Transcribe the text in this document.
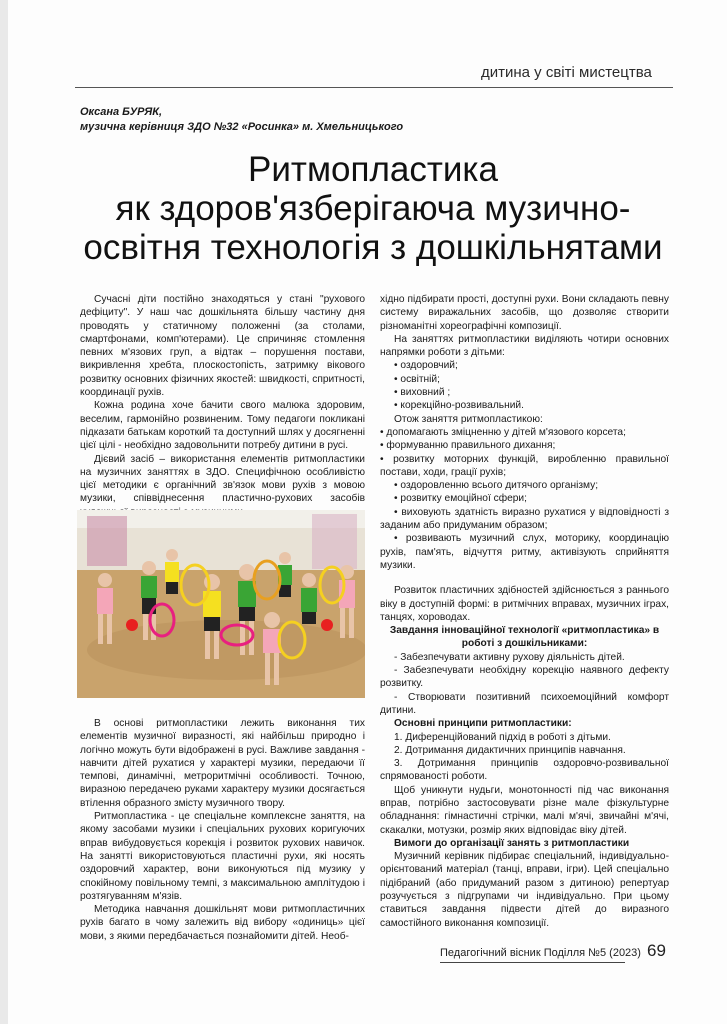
дитина у світі мистецтва
Оксана БУРЯК,
музична керівниця ЗДО №32 «Росинка» м. Хмельницького
Ритмопластика
як здоров'язберігаюча музично-
освітня технологія з дошкільнятами

Сучасні діти постійно знаходяться у стані "рухового дефіциту". У наш час дошкільнята більшу частину дня проводять у статичному положенні (за столами, смартфонами, комп'ютерами). Це спричиняє стомлення певних м'язових груп, а відтак – порушення постави, викривлення хребта, плоскостопість, затримку вікового розвитку основних фізичних якостей: швидкості, спритності, координації рухів.

Кожна родина хоче бачити свого малюка здоровим, веселим, гармонійно розвиненим. Тому педагоги покликані підказати батькам короткий та доступний шлях у досягненні цієї цілі - необхідно задовольнити потребу дитини в русі.

Дієвий засіб – використання елементів ритмопластики на музичних заняттях в ЗДО. Специфічною особливістю цієї методики є органічний зв'язок мови рухів з мовою музики, співвіднесення пластично-рухових засобів

В основі ритмопластики лежить виконання тих елементів музичної виразності, які найбільш природно і логічно можуть бути відображені в русі. Важливе завдання - навчити дітей рухатися у характері музики, передаючи її темпові, динамічні, метроритмічні особливості. Точною, виразною передачею руками характеру музики досягається втілення образного змісту музичного твору.

Ритмопластика - це спеціальне комплексне заняття, на якому засобами музики і спеціальних рухових коригуючих вправ вибудовується корекція і розвиток рухових навичок. На занятті використовуються пластичні рухи, які носять оздоровчий характер, вони виконуються під музику у спокійному повільному темпі, з максимальною амплітудою і розтягуванням м'язів.

Методика навчання дошкільнят мови ритмопластичних рухів багато в чому залежить від вибору «одиниць» цієї мови, з якими передбачається познайомити дітей. Необ-

хідно підбирати прості, доступні рухи. Вони складають певну систему виражальних засобів, що дозволяє створити різноманітні хореографічні композиції.

На заняттях ритмопластики виділяють чотири основних напрямки роботи з дітьми:

• оздоровчий;

• освітній;

• виховний ;

• корекційно-розвивальний.

Отож заняття ритмопластикою:

• допомагають зміцненню у дітей м'язового корсета;

• формуванню правильного дихання;

• розвитку моторних функцій, виробленню правильної постави, ходи, грації рухів;

• оздоровленню всього дитячого організму;

• розвитку емоційної сфери;

• виховують здатність виразно рухатися у відповідності з заданим або придуманим образом;

• розвивають музичний слух, моторику, координацію рухів, пам'ять, відчуття ритму, активізують сприйняття музики.

Розвиток пластичних здібностей здійснюється з раннього віку в доступній формі: в ритмічних вправах, музичних іграх, танцях, хороводах.

Завдання інноваційної технології «ритмопластика» в роботі з дошкільниками:

- Забезпечувати активну рухову діяльність дітей.

- Забезпечувати необхідну корекцію наявного дефекту розвитку.

- Створювати позитивний психоемоційний комфорт дитини.

Основні принципи ритмопластики:

1. Диференційований підхід в роботі з дітьми.

2. Дотримання дидактичних принципів навчання.

3. Дотримання принципів оздоровчо-розвивальної спрямованості роботи.

Щоб уникнути нудьги, монотонності під час виконання вправ, потрібно застосовувати різне мале фізкультурне обладнання: гімнастичні стрічки, малі м'ячі, звичайні м'ячі, скакалки, мотузки, розмір яких відповідає віку дітей.

Вимоги до організації занять з ритмопластики

Музичний керівник підбирає спеціальний, індивідуально-орієнтований матеріал (танці, вправи, ігри). Цей спеціально підібраний (або придуманий разом з дитиною) репертуар розучується з підгрупами чи індивідуально. При цьому ставиться завдання підвести дітей до виразного самостійного виконання композиції.

Педагогічний вісник Поділля №5 (2023) 69
